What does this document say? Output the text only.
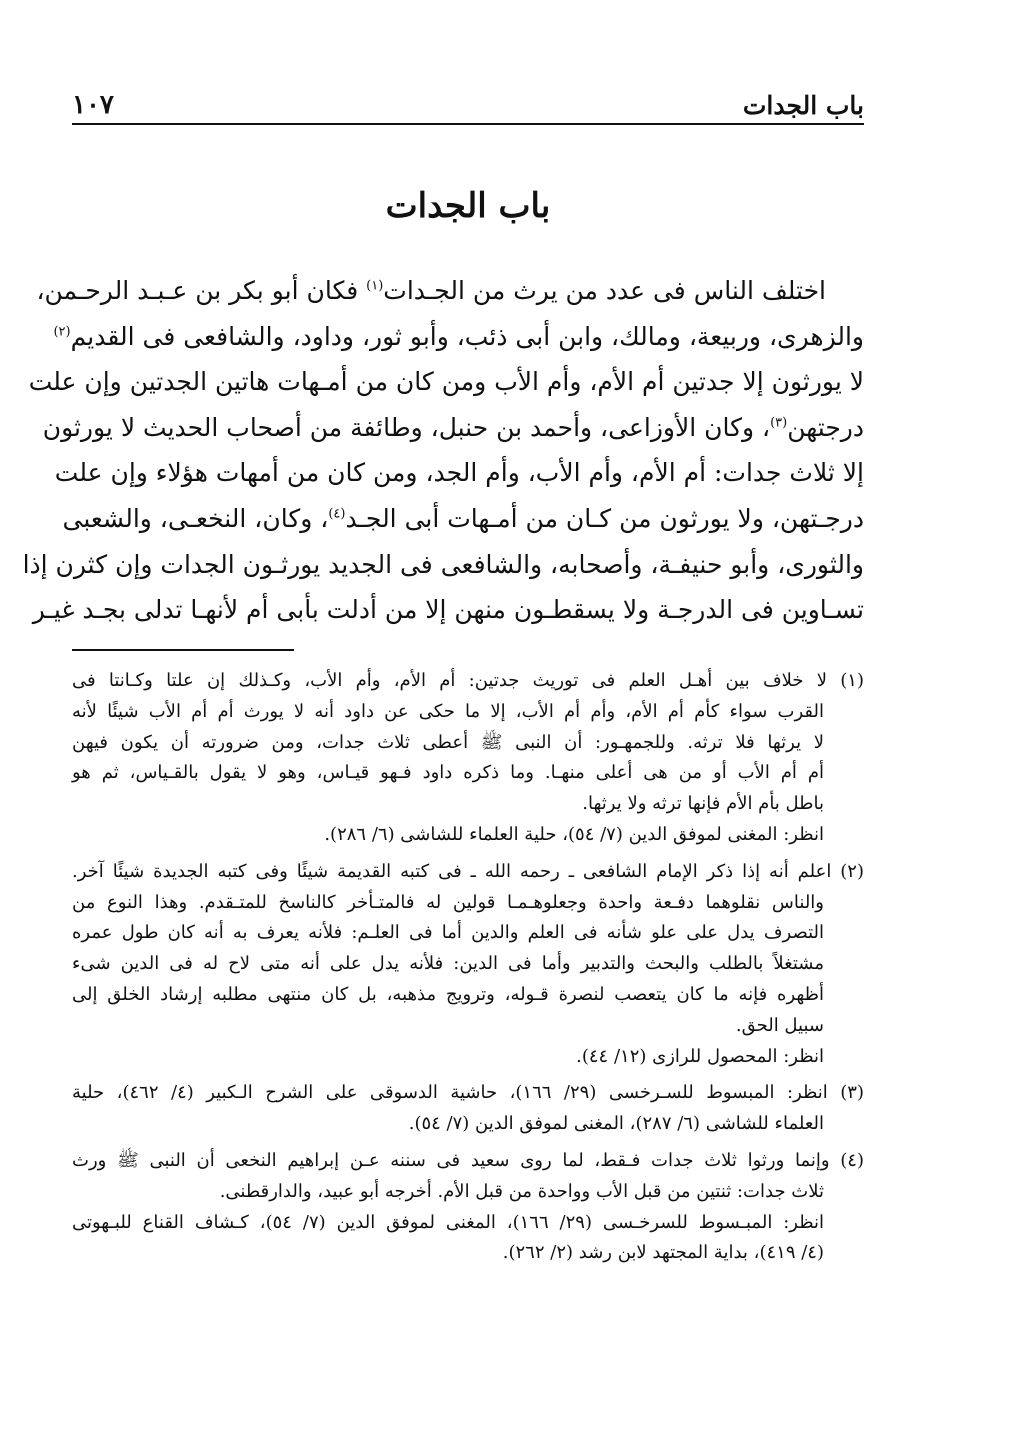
باب الجدات
١٠٧
باب الجدات
اختلف الناس فى عدد من يرث من الجـدات$^{(١)}$ فكان أبو بكر بن عـبـد الرحـمن،
والزهرى، وربيعة، ومالك، وابن أبى ذئب، وأبو ثور، وداود، والشافعى فى القديم$^{(٢)}$
لا يورثون إلا جدتين أم الأم، وأم الأب ومن كان من أمـهات هاتين الجدتين وإن علت
درجتهن$^{(٣)}$، وكان الأوزاعى، وأحمد بن حنبل، وطائفة من أصحاب الحديث لا يورثون
إلا ثلاث جدات: أم الأم، وأم الأب، وأم الجد، ومن كان من أمهات هؤلاء وإن علت
درجـتهن، ولا يورثون من كـان من أمـهات أبى الجـد$^{(٤)}$، وكان، النخعـى، والشعبى
والثورى، وأبو حنيفـة، وأصحابه، والشافعى فى الجديد يورثـون الجدات وإن كثرن إذا
تسـاوين فى الدرجـة ولا يسقطـون منهن إلا من أدلت بأبى أم لأنهـا تدلى بجـد غيـر
(١) لا خلاف بين أهـل العلم فى توريث جدتين: أم الأم، وأم الأب، وكـذلك إن علتا وكـانتا فى
القرب سواء كأم أم الأم، وأم أم الأب، إلا ما حكى عن داود أنه لا يورث أم أم الأب شيئًا لأنه
لا يرثها فلا ترثه. وللجمهـور: أن النبى ﷺ أعطى ثلاث جدات، ومن ضرورته أن يكون فيهن
أم أم الأب أو من هى أعلى منهـا. وما ذكره داود فـهو قيـاس، وهو لا يقول بالقـياس، ثم هو
باطل بأم الأم فإنها ترثه ولا يرثها.
انظر: المغنى لموفق الدين (٧/ ٥٤)، حلية العلماء للشاشى (٦/ ٢٨٦).
(٢) اعلم أنه إذا ذكر الإمام الشافعى ـ رحمه الله ـ فى كتبه القديمة شيئًا وفى كتبه الجديدة شيئًا آخر.
والناس نقلوهما دفـعة واحدة وجعلوهـمـا قولين له فالمتـأخر كالناسخ للمتـقدم. وهذا النوع من
التصرف يدل على علو شأنه فى العلم والدين أما فى العلـم: فلأنه يعرف به أنه كان طول عمره
مشتغلاً بالطلب والبحث والتدبير وأما فى الدين: فلأنه يدل على أنه متى لاح له فى الدين شىء
أظهره فإنه ما كان يتعصب لنصرة قـوله، وترويج مذهبه، بل كان منتهى مطلبه إرشاد الخلق إلى
سبيل الحق.
انظر: المحصول للرازى (١٢/ ٤٤).
(٣) انظر: المبسوط للسـرخسى (٢٩/ ١٦٦)، حاشية الدسوقى على الشرح الـكبير (٤/ ٤٦٢)، حلية
العلماء للشاشى (٦/ ٢٨٧)، المغنى لموفق الدين (٧/ ٥٤).
(٤) وإنما ورثوا ثلاث جدات فـقط، لما روى سعيد فى سننه عـن إبراهيم النخعى أن النبى ﷺ ورث
ثلاث جدات: ثنتين من قبل الأب وواحدة من قبل الأم. أخرجه أبو عبيد، والدارقطنى.
انظر: المبـسوط للسرخـسى (٢٩/ ١٦٦)، المغنى لموفق الدين (٧/ ٥٤)، كـشاف القناع للبـهوتى
(٤/ ٤١٩)، بداية المجتهد لابن رشد (٢/ ٢٦٢).
